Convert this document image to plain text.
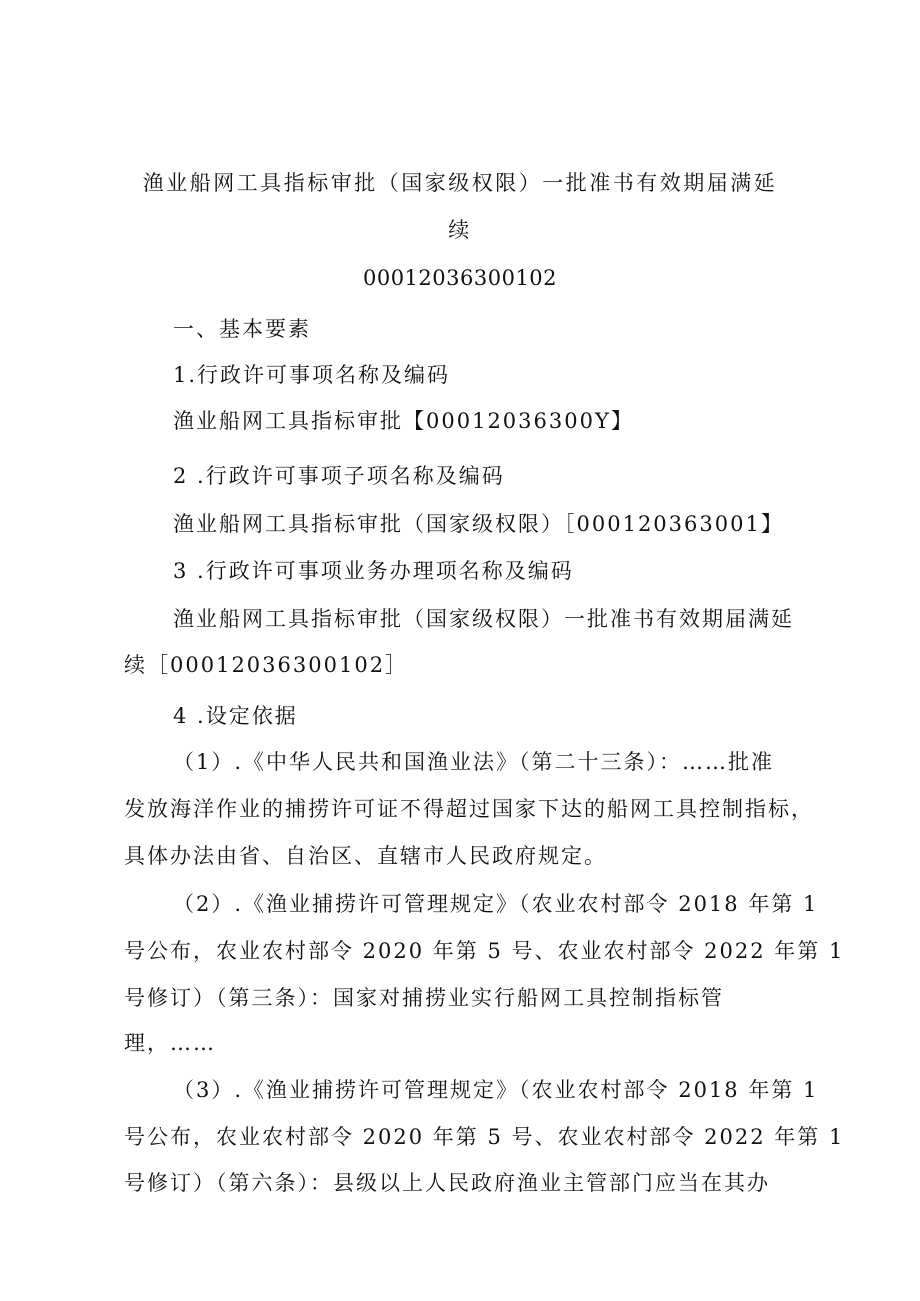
渔业船网工具指标审批（国家级权限）一批准书有效期届满延
续
00012036300102
一、基本要素
1.行政许可事项名称及编码
渔业船网工具指标审批【00012036300Y】
2 .行政许可事项子项名称及编码
渔业船网工具指标审批（国家级权限）［000120363001】
3 .行政许可事项业务办理项名称及编码
渔业船网工具指标审批（国家级权限）一批准书有效期届满延
续［00012036300102］
4 .设定依据
（1）.《中华人民共和国渔业法》（第二十三条）：……批准
发放海洋作业的捕捞许可证不得超过国家下达的船网工具控制指标，
具体办法由省、自治区、直辖市人民政府规定。
（2）.《渔业捕捞许可管理规定》（农业农村部令 2018 年第 1
号公布，农业农村部令 2020 年第 5 号、农业农村部令 2022 年第 1
号修订）（第三条）：国家对捕捞业实行船网工具控制指标管
理，……
（3）.《渔业捕捞许可管理规定》（农业农村部令 2018 年第 1
号公布，农业农村部令 2020 年第 5 号、农业农村部令 2022 年第 1
号修订）（第六条）：县级以上人民政府渔业主管部门应当在其办
